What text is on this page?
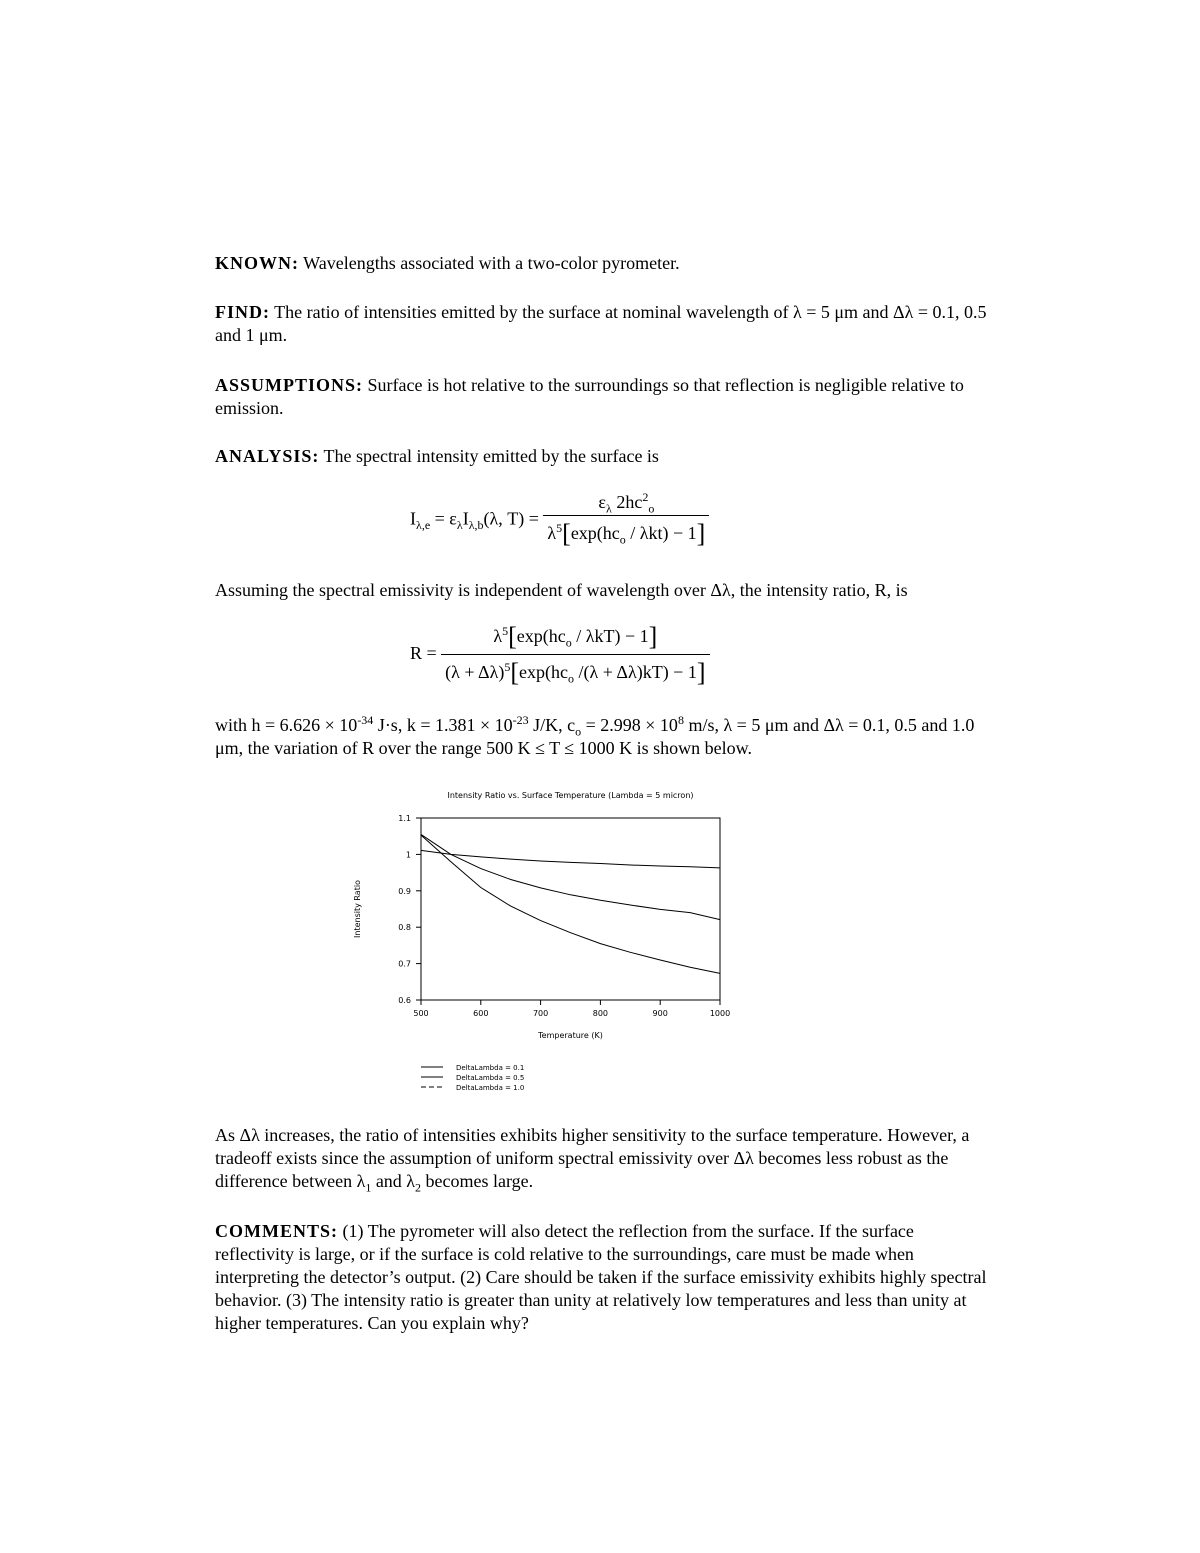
KNOWN: Wavelengths associated with a two-color pyrometer.
FIND: The ratio of intensities emitted by the surface at nominal wavelength of λ = 5 μm and Δλ = 0.1, 0.5 and 1 μm.
ASSUMPTIONS: Surface is hot relative to the surroundings so that reflection is negligible relative to emission.
ANALYSIS: The spectral intensity emitted by the surface is
$I_{\lambda,e} = \varepsilon_\lambda I_{\lambda,b}(\lambda$, $T) = \frac{\varepsilon_\lambda 2hc^2_o}{\lambda^5[\exp(hc_o / \lambda kt) - 1]}$
Assuming the spectral emissivity is independent of wavelength over Δλ, the intensity ratio, R, is
$R = \frac{\lambda^5[\exp(hc_o / \lambda kT) - 1]}{(\lambda + \Delta\lambda)^5[\exp(hc_o /(\lambda + \Delta\lambda)kT) - 1]}$
with $h = 6.626 \times 10^{-34}$ J·s, $k = 1.381 \times 10^{-23}$ J/K, $c_o = 2.998 \times 10^8$ m/s, λ = 5 μm and Δλ = 0.1, 0.5 and 1.0 μm, the variation of R over the range 500 K ≤ T ≤ 1000 K is shown below.
Intensity Ratio vs. Surface Temperature (Lambda = 5 micron)
0.6
0.7
0.8
0.9
1
1.1
500	600	700	800	900	1000
Temperature (K)
Intensity Ratio
DeltaLambda = 0.1
DeltaLambda = 0.5
DeltaLambda = 1.0
As Δλ increases, the ratio of intensities exhibits higher sensitivity to the surface temperature. However, a tradeoff exists since the assumption of uniform spectral emissivity over Δλ becomes less robust as the difference between $\lambda_1$ and $\lambda_2$ becomes large.
COMMENTS: (1) The pyrometer will also detect the reflection from the surface. If the surface reflectivity is large, or if the surface is cold relative to the surroundings, care must be made when interpreting the detector’s output. (2) Care should be taken if the surface emissivity exhibits highly spectral behavior. (3) The intensity ratio is greater than unity at relatively low temperatures and less than unity at higher temperatures. Can you explain why?
